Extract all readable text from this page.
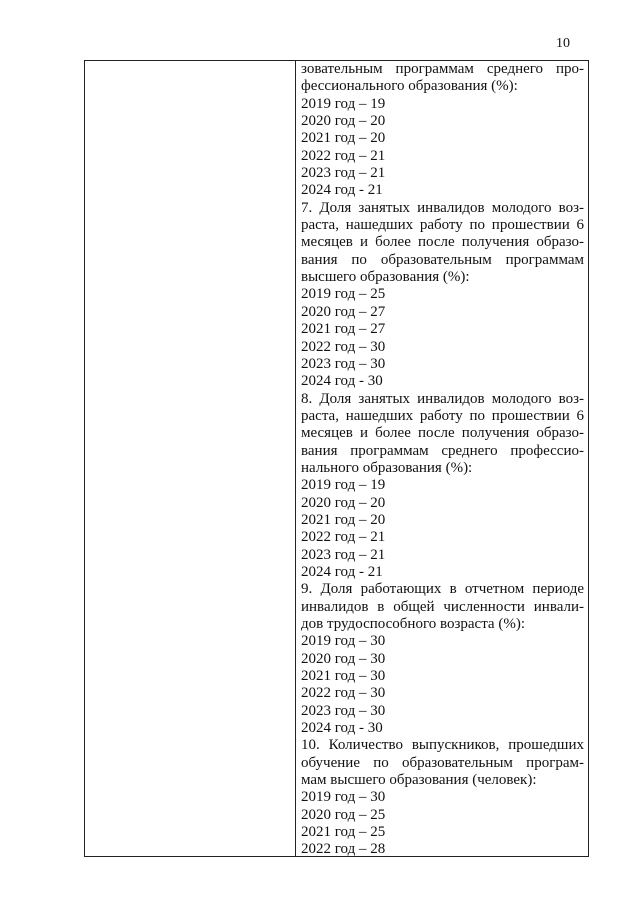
10
зовательным программам среднего про-
фессионального образования (%):
2019 год – 19
2020 год – 20
2021 год – 20
2022 год – 21
2023 год – 21
2024 год - 21
7. Доля занятых инвалидов молодого воз-
раста, нашедших работу по прошествии 6
месяцев и более после получения образо-
вания по образовательным программам
высшего образования (%):
2019 год – 25
2020 год – 27
2021 год – 27
2022 год – 30
2023 год – 30
2024 год - 30
8. Доля занятых инвалидов молодого воз-
раста, нашедших работу по прошествии 6
месяцев и более после получения образо-
вания программам среднего профессио-
нального образования (%):
2019 год – 19
2020 год – 20
2021 год – 20
2022 год – 21
2023 год – 21
2024 год - 21
9. Доля работающих в отчетном периоде
инвалидов в общей численности инвали-
дов трудоспособного возраста (%):
2019 год – 30
2020 год – 30
2021 год – 30
2022 год – 30
2023 год – 30
2024 год - 30
10. Количество выпускников, прошедших
обучение по образовательным програм-
мам высшего образования (человек):
2019 год – 30
2020 год – 25
2021 год – 25
2022 год – 28
